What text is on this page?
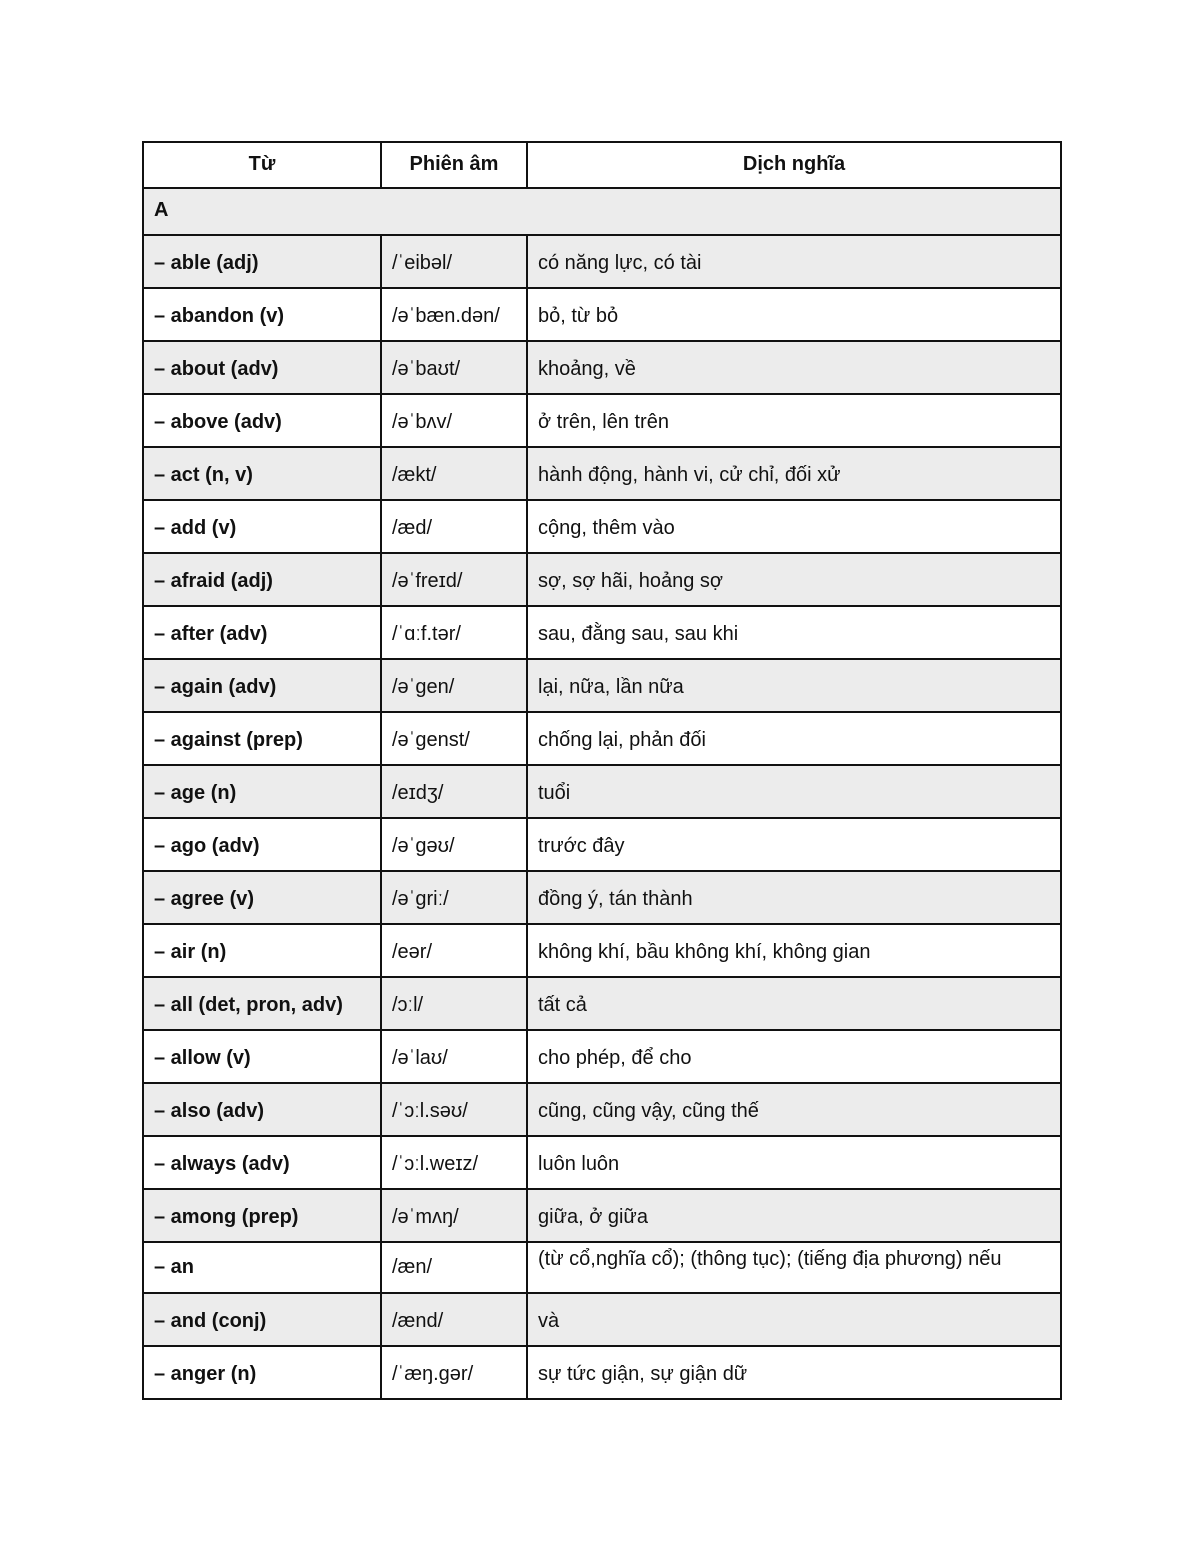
Từ	Phiên âm	Dịch nghĩa
A		
– able (adj)	/ˈeibəl/	có năng lực, có tài
– abandon (v)	/əˈbæn.dən/	bỏ, từ bỏ
– about (adv)	/əˈbaʊt/	khoảng, về
– above (adv)	/əˈbʌv/	ở trên, lên trên
– act (n, v)	/ækt/	hành động, hành vi, cử chỉ, đối xử
– add (v)	/æd/	cộng, thêm vào
– afraid (adj)	/əˈfreɪd/	sợ, sợ hãi, hoảng sợ
– after (adv)	/ˈɑːf.tər/	sau, đằng sau, sau khi
– again (adv)	/əˈɡen/	lại, nữa, lần nữa
– against (prep)	/əˈɡenst/	chống lại, phản đối
– age (n)	/eɪdʒ/	tuổi
– ago (adv)	/əˈɡəʊ/	trước đây
– agree (v)	/əˈɡriː/	đồng ý, tán thành
– air (n)	/eər/	không khí, bầu không khí, không gian
– all (det, pron, adv)	/ɔːl/	tất cả
– allow (v)	/əˈlaʊ/	cho phép, để cho
– also (adv)	/ˈɔːl.səʊ/	cũng, cũng vậy, cũng thế
– always (adv)	/ˈɔːl.weɪz/	luôn luôn
– among (prep)	/əˈmʌŋ/	giữa, ở giữa
– an	/æn/	(từ cổ,nghĩa cổ); (thông tục); (tiếng địa phương) nếu
– and (conj)	/ænd/	và
– anger (n)	/ˈæŋ.ɡər/	sự tức giận, sự giận dữ
